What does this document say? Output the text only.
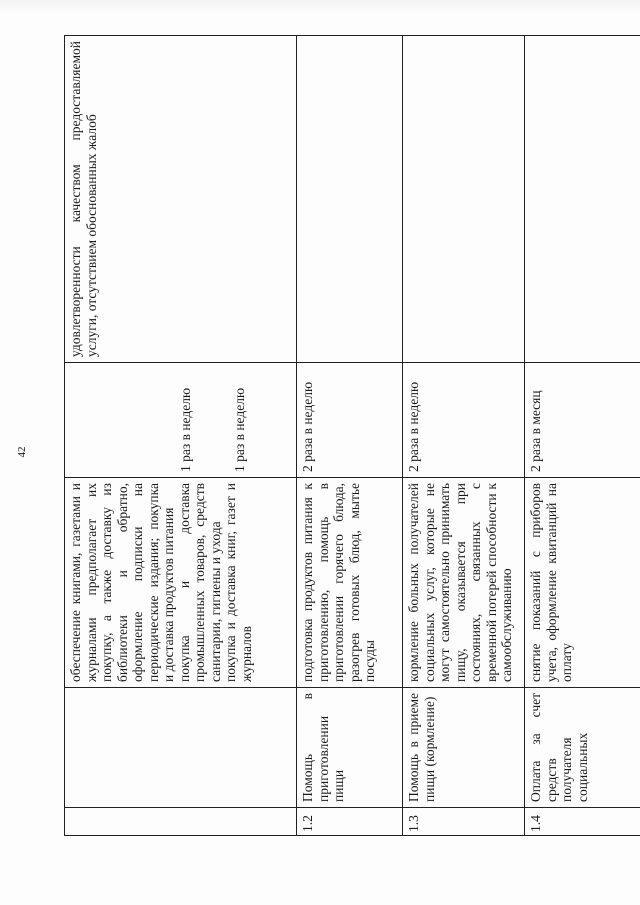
42

		обеспечение книгами, газетами и журналами предполагает их покупку, а также доставку из библиотеки и обратно, оформление подписки на периодические издания; покупка и доставка продуктов питания покупка и доставка промышленных товаров, средств санитарии, гигиены и ухода покупка и доставка книг, газет и журналов	1 раз в неделю 1 раз в неделю	удовлетворенности качеством предоставляемой услуги, отсутствием обоснованных жалоб
1.2	Помощь в приготовлении пищи	подготовка продуктов питания к приготовлению, помощь в приготовлении горячего блюда, разогрев готовых блюд, мытье посуды	2 раза в неделю	
1.3	Помощь в приеме пищи (кормление)	кормление больных получателей социальных услуг, которые не могут самостоятельно принимать пищу, оказывается при состояниях, связанных с временной потерей способности к самообслуживанию	2 раза в неделю	
1.4	Оплата за счет средств получателя социальных	снятие показаний с приборов учета, оформление квитанций на оплату	2 раза в месяц	
